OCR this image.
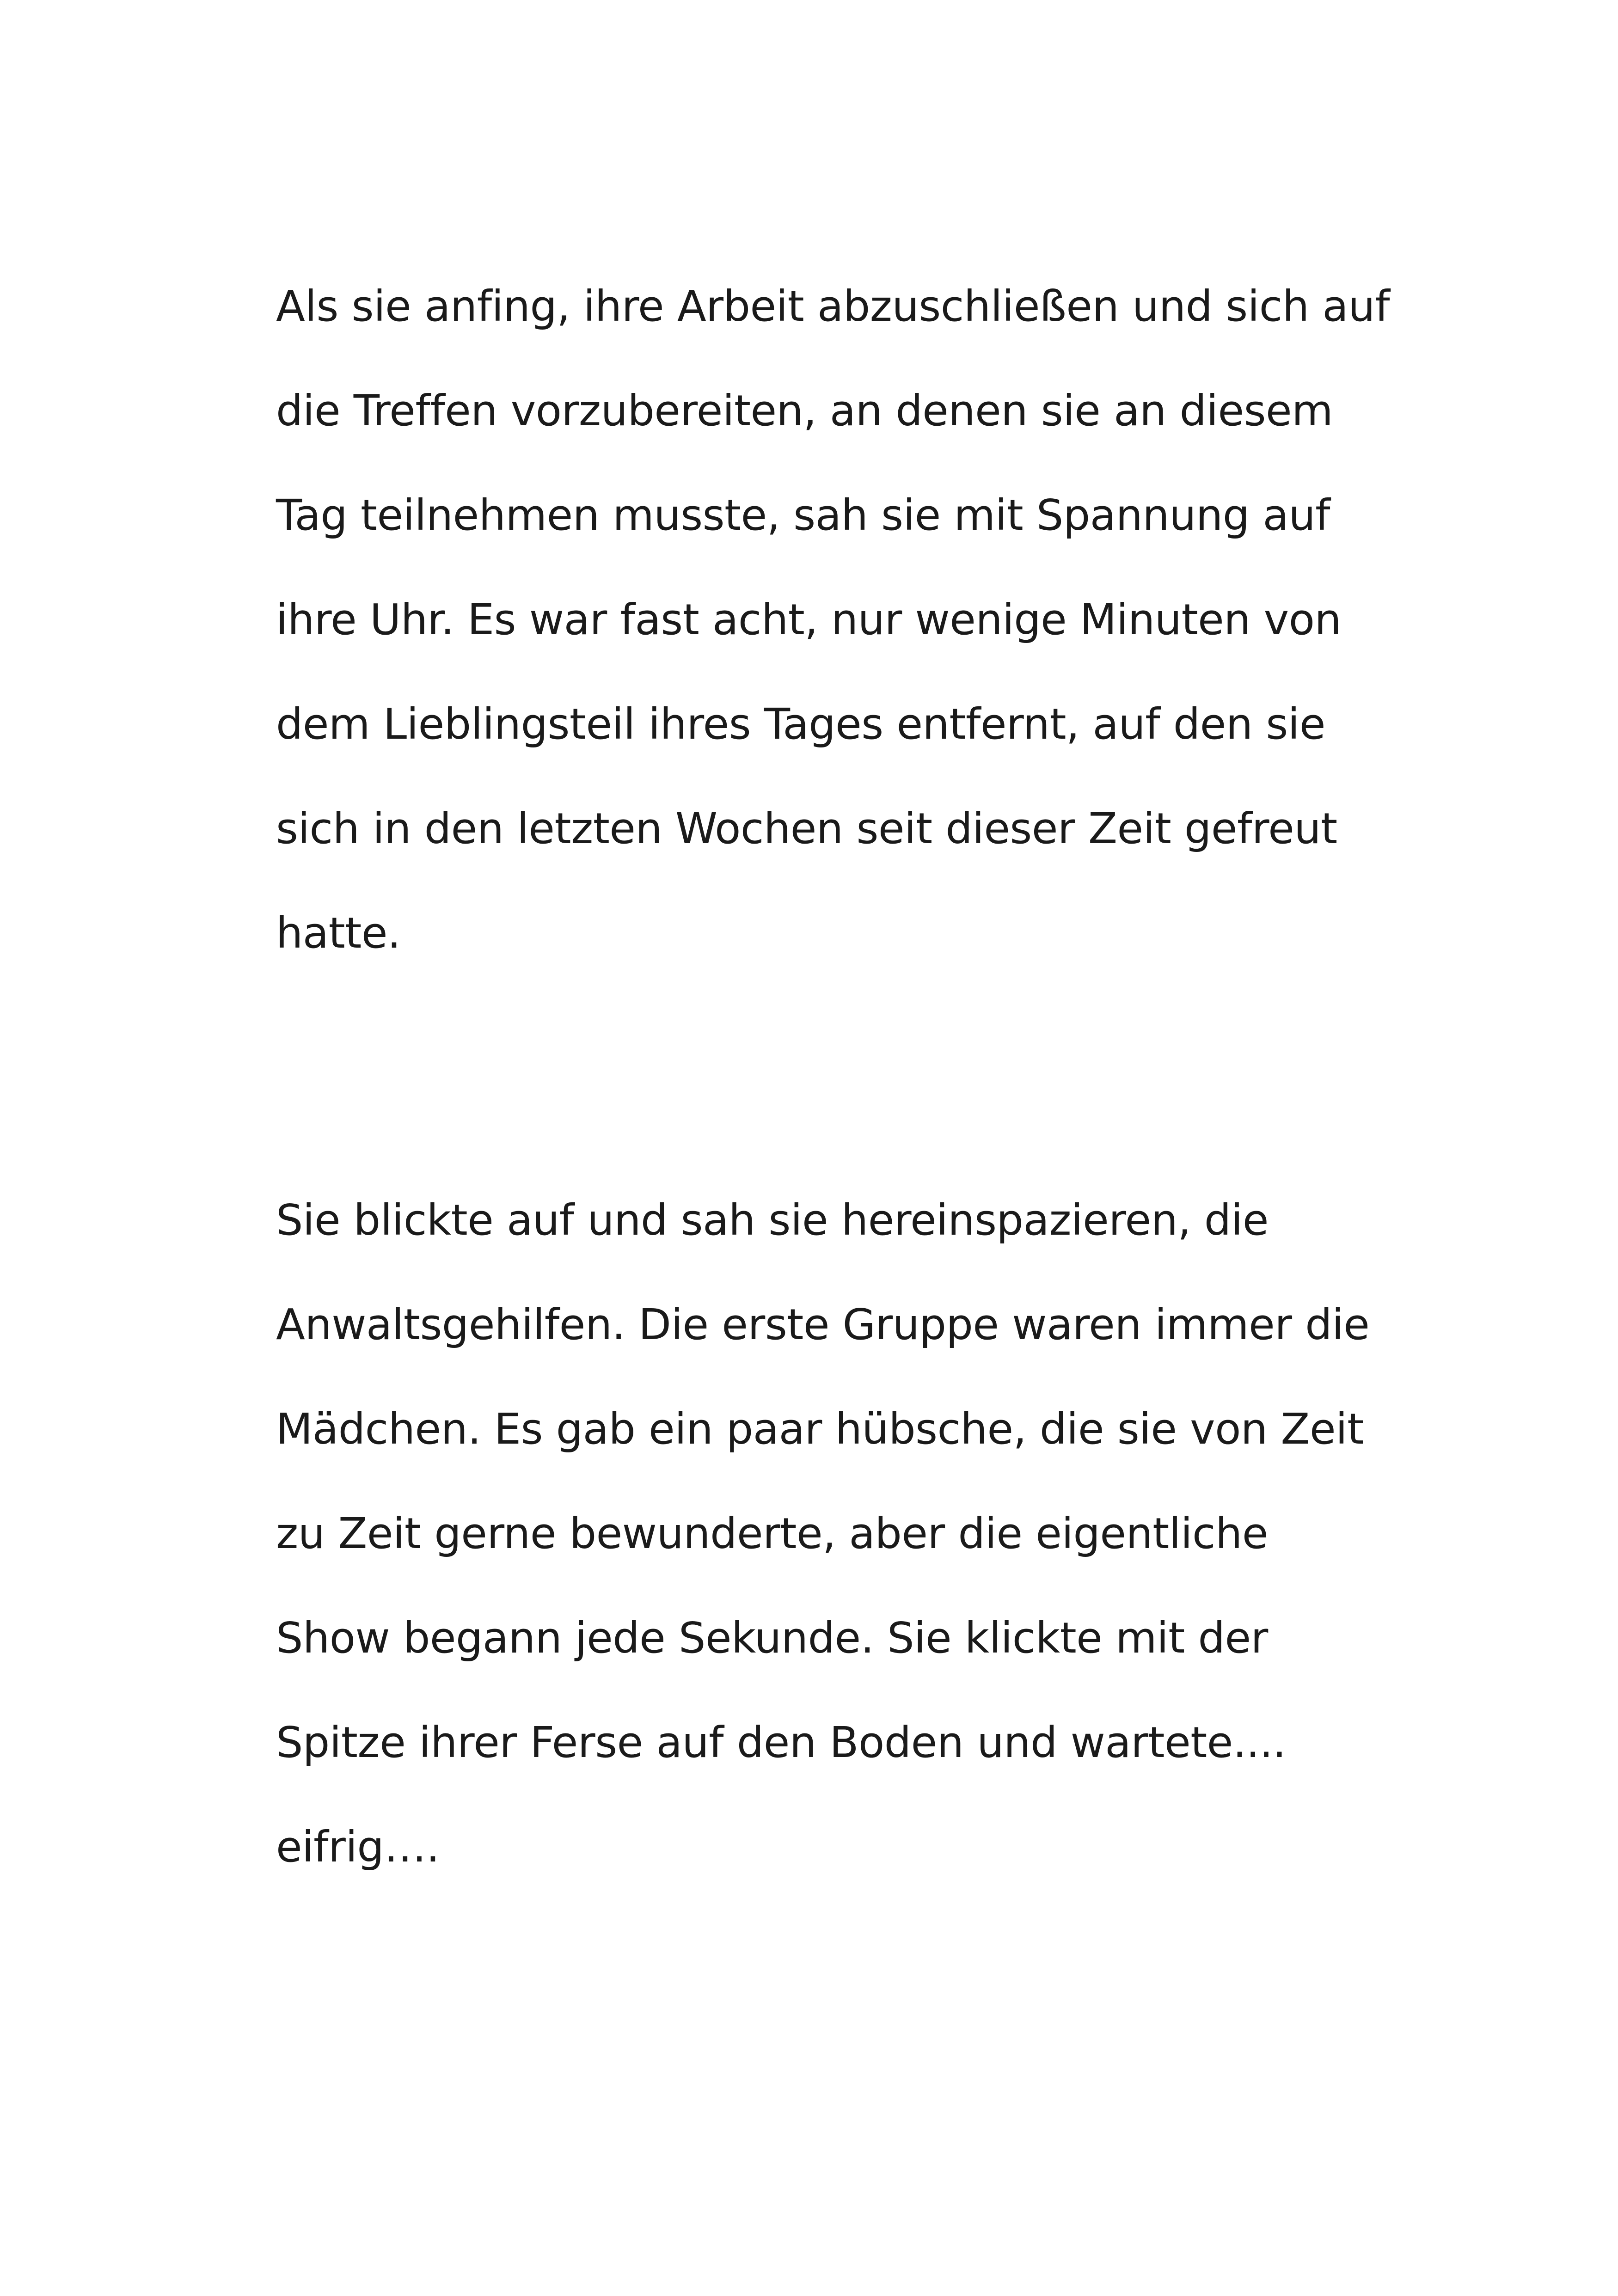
Als sie anfing, ihre Arbeit abzuschließen und sich auf
die Treffen vorzubereiten, an denen sie an diesem
Tag teilnehmen musste, sah sie mit Spannung auf
ihre Uhr. Es war fast acht, nur wenige Minuten von
dem Lieblingsteil ihres Tages entfernt, auf den sie
sich in den letzten Wochen seit dieser Zeit gefreut
hatte.
Sie blickte auf und sah sie hereinspazieren, die
Anwaltsgehilfen. Die erste Gruppe waren immer die
Mädchen. Es gab ein paar hübsche, die sie von Zeit
zu Zeit gerne bewunderte, aber die eigentliche
Show begann jede Sekunde. Sie klickte mit der
Spitze ihrer Ferse auf den Boden und wartete....
eifrig….
